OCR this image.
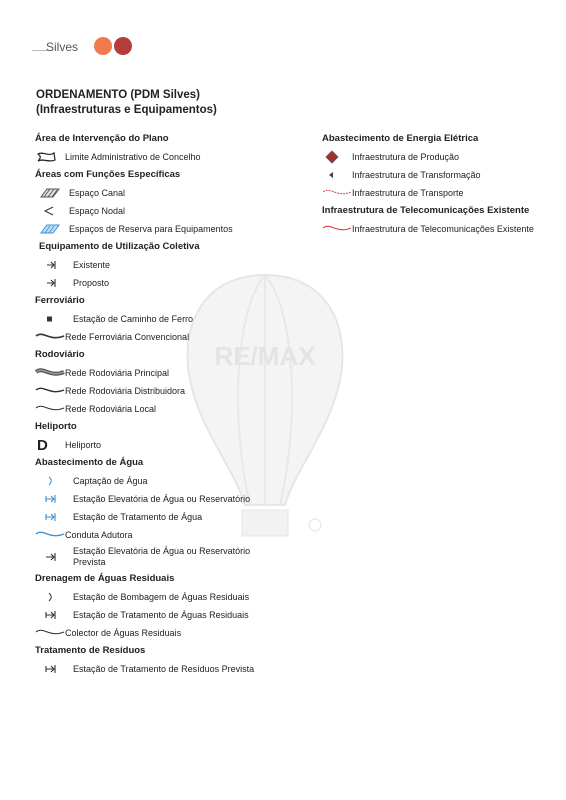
Silves
RE/MAX
ORDENAMENTO (PDM Silves)
(Infraestruturas e Equipamentos)
Área de Intervenção do Plano
Limite Administrativo de Concelho
Áreas com Funções Específicas
Espaço Canal
Espaço Nodal
Espaços de Reserva para Equipamentos
Equipamento de Utilização Coletiva
Existente
Proposto
Ferroviário
Estação de Caminho de Ferro
Rede Ferroviária Convencional
Rodoviário
Rede Rodoviária Principal
Rede Rodoviária Distribuidora
Rede Rodoviária Local
Heliporto
D Heliporto
Abastecimento de Água
Captação de Água
Estação Elevatória de Água ou Reservatório
Estação de Tratamento de Água
Conduta Adutora
Estação Elevatória de Água ou Reservatório Prevista
Drenagem de Águas Residuais
Estação de Bombagem de Águas Residuais
Estação de Tratamento de Águas Residuais
Colector de Águas Residuais
Tratamento de Resíduos
Estação de Tratamento de Resíduos Prevista
Abastecimento de Energia Elétrica
Infraestrutura de Produção
Infraestrutura de Transformação
Infraestrutura de Transporte
Infraestrutura de Telecomunicações Existente
Infraestrutura de Telecomunicações Existente
